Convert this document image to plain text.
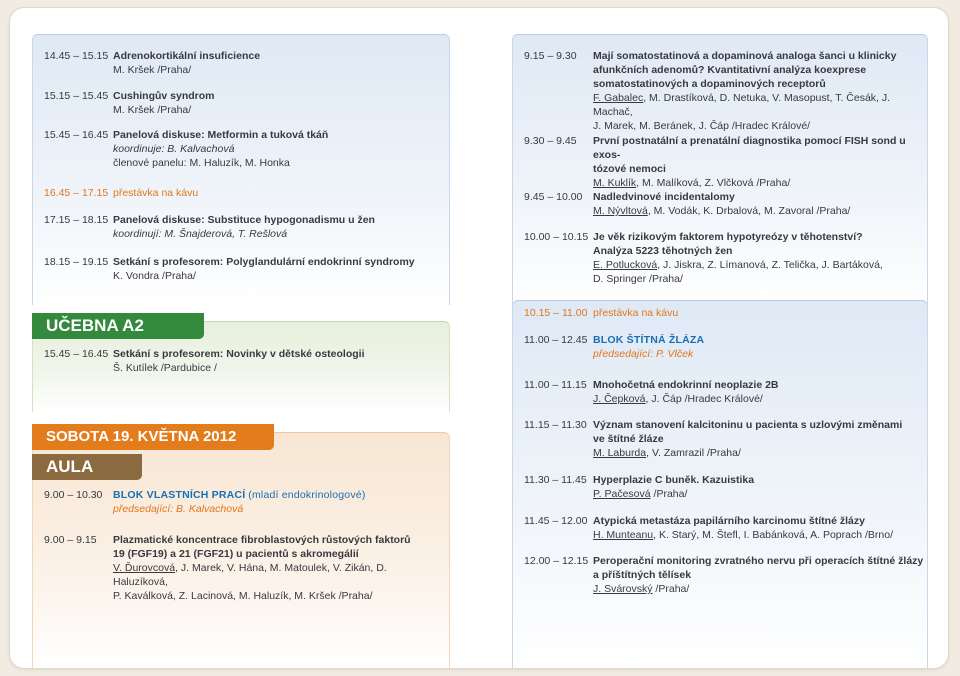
14.45 – 15.15 Adrenokortikální insuficience
M. Kršek /Praha/
15.15 – 15.45 Cushingův syndrom
M. Kršek /Praha/
15.45 – 16.45 Panelová diskuse: Metformin a tuková tkáň
koordinuje: B. Kalvachová
členové panelu: M. Haluzík, M. Honka
16.45 – 17.15 přestávka na kávu
17.15 – 18.15 Panelová diskuse: Substituce hypogonadismu u žen
koordinují: M. Šnajderová, T. Rešlová
18.15 – 19.15 Setkání s profesorem: Polyglandulární endokrinní syndromy
K. Vondra /Praha/
UČEBNA A2
15.45 – 16.45 Setkání s profesorem: Novinky v dětské osteologii
Š. Kutílek /Pardubice /
SOBOTA 19. KVĚTNA 2012
AULA
9.00 – 10.30	BLOK VLASTNÍCH PRACÍ (mladí endokrinologové)
předsedající: B. Kalvachová
9.00 – 9.15	Plazmatické koncentrace fibroblastových růstových faktorů
19 (FGF19) a 21 (FGF21) u pacientů s akromegálií
V. Ďurovcová, J. Marek, V. Hána, M. Matoulek, V. Zikán, D. Haluzíková,
P. Kaválková, Z. Lacinová, M. Haluzík, M. Kršek /Praha/
9.15 – 9.30	Mají somatostatinová a dopaminová analoga šanci u klinicky
afunkčních adenomů? Kvantitativní analýza koexprese
somatostatinových a dopaminových receptorů
F. Gabalec, M. Drastíková, D. Netuka, V. Masopust, T. Česák, J. Machač,
J. Marek, M. Beránek, J. Čáp /Hradec Králové/
9.30 – 9.45	První postnatální a prenatální diagnostika pomocí FISH sond u exos-
tózové nemoci
M. Kuklík, M. Malíková, Z. Vlčková /Praha/
9.45 – 10.00	Nadledvinové incidentalomy
M. Nývltová, M. Vodák, K. Drbalová, M. Zavoral /Praha/
10.00 – 10.15 Je věk rizikovým faktorem hypotyreózy v těhotenství?
Analýza 5223 těhotných žen
E. Potlucková, J. Jiskra, Z. Límanová, Z. Telička, J. Bartáková,
D. Springer /Praha/
10.15 – 11.00 přestávka na kávu
11.00 – 12.45 BLOK ŠTÍTNÁ ŽLÁZA
předsedající: P. Vlček
11.00 – 11.15 Mnohočetná endokrinní neoplazie 2B
J. Čepková, J. Čáp /Hradec Králové/
11.15 – 11.30 Význam stanovení kalcitoninu u pacienta s uzlovými změnami
ve štítné žláze
M. Laburda, V. Zamrazil /Praha/
11.30 – 11.45 Hyperplazie C buněk. Kazuistika
P. Pačesová /Praha/
11.45 – 12.00 Atypická metastáza papilárního karcinomu štítné žlázy
H. Munteanu, K. Starý, M. Štefl, I. Babánková, A. Poprach /Brno/
12.00 – 12.15 Peroperační monitoring zvratného nervu při operacích štítné žlázy
a příštítných tělísek
J. Svárovský /Praha/
